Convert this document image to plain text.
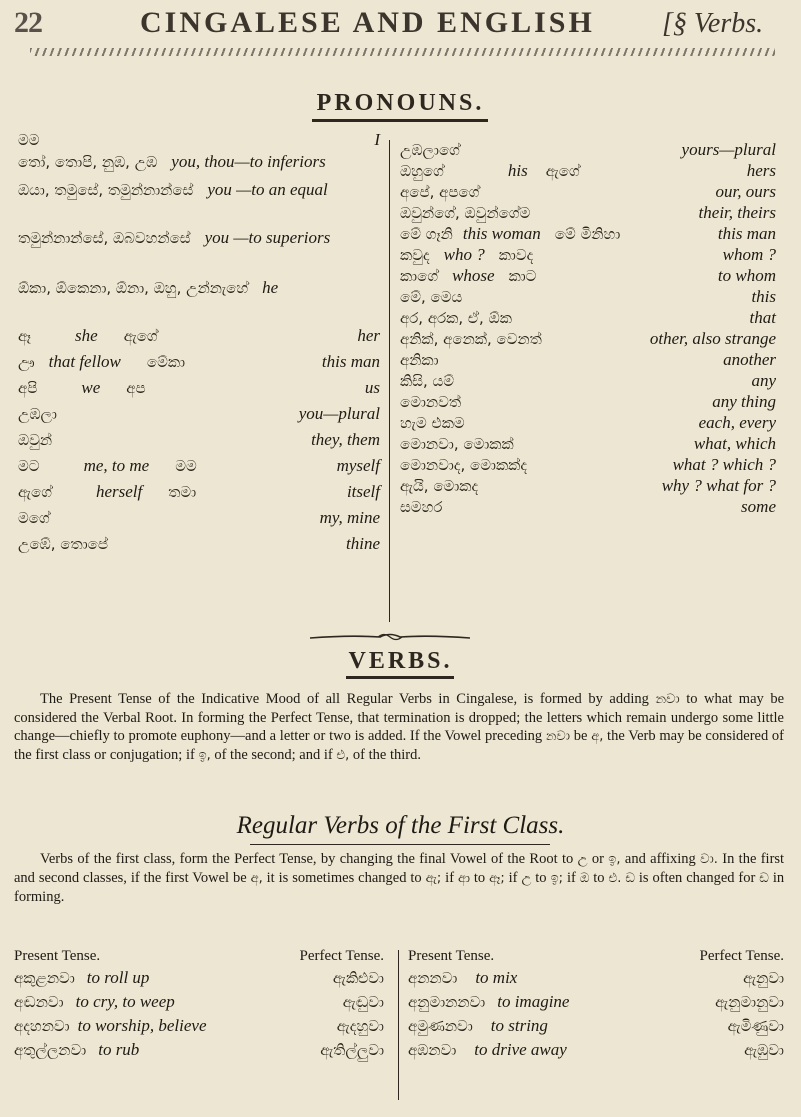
22	CINGALESE AND ENGLISH [§ Verbs.
PRONOUNS.
මම	I
තෝ, තොපි, නුඹ, උඹ you, thou—to inferiors
ඔයා, තමුසේ, තමුන්නාන්සේ you —to an equal
තමුන්නාන්සේ, ඔබවහන්සේ you —to superiors
ඕකා, ඕකෙනා, ඕනා, ඔහු, උන්නැහේ he
ඈ	she ඇගේ	her
ඌ that fellow මේකා	this man
අපි	we අප	us
උඹලා	you—plural
ඔවුන්	they, them
මට	me, to me මම	myself
ඇගේ	herself තමා	itself
මගේ	my, mine
උඹේ, තොපේ	thine
උඹලාගේ	yours—plural
ඔහුගේ	his ඇගේ	hers
අපේ, අපගේ	our, ours
ඔවුන්ගේ, ඔවුන්ගේම	their, theirs
මේ ගෑනි this woman මේ මිනිහා	this man
කවුද who ? කාවද	whom ?
කාගේ whose කාට	to whom
මේ, මෙය	this
අර, අරක, ඒ, ඕක	that
අනික්, අනෙක්, වෙනත්	other, also strange
අනිකා	another
කිසි, යම්	any
මොනවත්	any thing
හැම එකම	each, every
මොනවා, මොකක්	what, which
මොනවාද, මොකක්ද	what ? which ?
ඇයි, මොකද	why ? what for ?
සමහර	some
VERBS.
The Present Tense of the Indicative Mood of all Regular Verbs in Cingalese, is formed by adding නවා to what may be considered the Verbal Root. In forming the Perfect Tense, that termination is dropped; the letters which remain undergo some little change—chiefly to promote euphony—and a letter or two is added. If the Vowel preceding නවා be අ, the Verb may be considered of the first class or conjugation; if ඉ, of the second; and if එ, of the third.
Regular Verbs of the First Class.
Verbs of the first class, form the Perfect Tense, by changing the final Vowel of the Root to උ or ඉ, and affixing වා. In the first and second classes, if the first Vowel be අ, it is sometimes changed to ඇ; if ආ to ඈ; if උ to ඉ; if ඔ to එ. ඩ is often changed for ඩ in forming.
Present Tense.	Perfect Tense.
අකුළනවා to roll up	ඇකිළුවා
අඬනවා to cry, to weep	ඇඬුවා
අදහනවා to worship, believe	ඇදහුවා
අතුල්ලනවා to rub	ඇතිල්ලුවා
Present Tense.	Perfect Tense.
අනනවා to mix	ඇනුවා
අනුමානනවා to imagine	ඇනුමානුවා
අමුණනවා to string	ඇමිණුවා
අඹනවා to drive away	ඇඹුවා
